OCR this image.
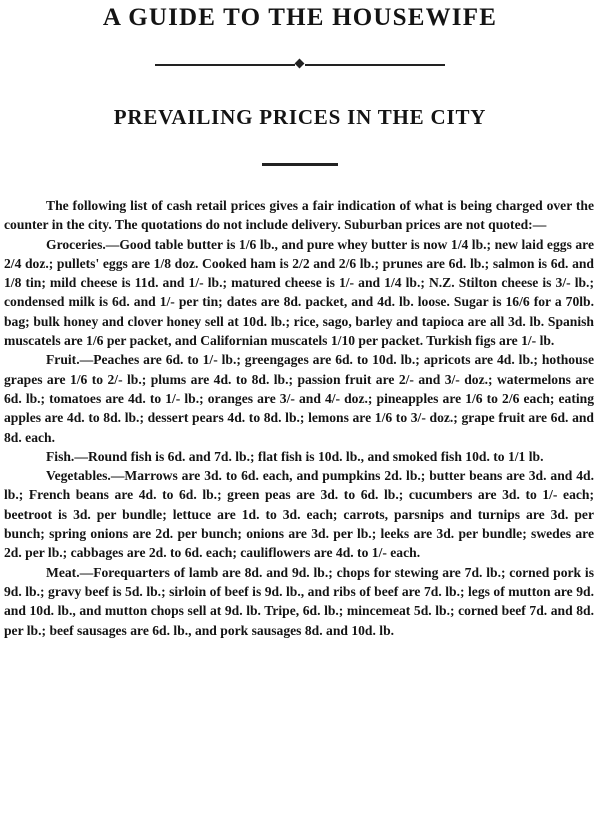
A GUIDE TO THE HOUSEWIFE
PREVAILING PRICES IN THE CITY

The following list of cash retail prices gives a fair indication of what is being charged over the counter in the city. The quotations do not include delivery. Suburban prices are not quoted:—

Groceries.—Good table butter is 1/6 lb., and pure whey butter is now 1/4 lb.; new laid eggs are 2/4 doz.; pullets' eggs are 1/8 doz. Cooked ham is 2/2 and 2/6 lb.; prunes are 6d. lb.; salmon is 6d. and 1/8 tin; mild cheese is 11d. and 1/- lb.; matured cheese is 1/- and 1/4 lb.; N.Z. Stilton cheese is 3/- lb.; condensed milk is 6d. and 1/- per tin; dates are 8d. packet, and 4d. lb. loose. Sugar is 16/6 for a 70lb. bag; bulk honey and clover honey sell at 10d. lb.; rice, sago, barley and tapioca are all 3d. lb. Spanish muscatels are 1/6 per packet, and Californian muscatels 1/10 per packet. Turkish figs are 1/- lb.

Fruit.—Peaches are 6d. to 1/- lb.; greengages are 6d. to 10d. lb.; apricots are 4d. lb.; hothouse grapes are 1/6 to 2/- lb.; plums are 4d. to 8d. lb.; passion fruit are 2/- and 3/- doz.; watermelons are 6d. lb.; tomatoes are 4d. to 1/- lb.; oranges are 3/- and 4/- doz.; pineapples are 1/6 to 2/6 each; eating apples are 4d. to 8d. lb.; dessert pears 4d. to 8d. lb.; lemons are 1/6 to 3/- doz.; grape fruit are 6d. and 8d. each.

Fish.—Round fish is 6d. and 7d. lb.; flat fish is 10d. lb., and smoked fish 10d. to 1/1 lb.

Vegetables.—Marrows are 3d. to 6d. each, and pumpkins 2d. lb.; butter beans are 3d. and 4d. lb.; French beans are 4d. to 6d. lb.; green peas are 3d. to 6d. lb.; cucumbers are 3d. to 1/- each; beetroot is 3d. per bundle; lettuce are 1d. to 3d. each; carrots, parsnips and turnips are 3d. per bunch; spring onions are 2d. per bunch; onions are 3d. per lb.; leeks are 3d. per bundle; swedes are 2d. per lb.; cabbages are 2d. to 6d. each; cauliflowers are 4d. to 1/- each.

Meat.—Forequarters of lamb are 8d. and 9d. lb.; chops for stewing are 7d. lb.; corned pork is 9d. lb.; gravy beef is 5d. lb.; sirloin of beef is 9d. lb., and ribs of beef are 7d. lb.; legs of mutton are 9d. and 10d. lb., and mutton chops sell at 9d. lb. Tripe, 6d. lb.; mincemeat 5d. lb.; corned beef 7d. and 8d. per lb.; beef sausages are 6d. lb., and pork sausages 8d. and 10d. lb.
